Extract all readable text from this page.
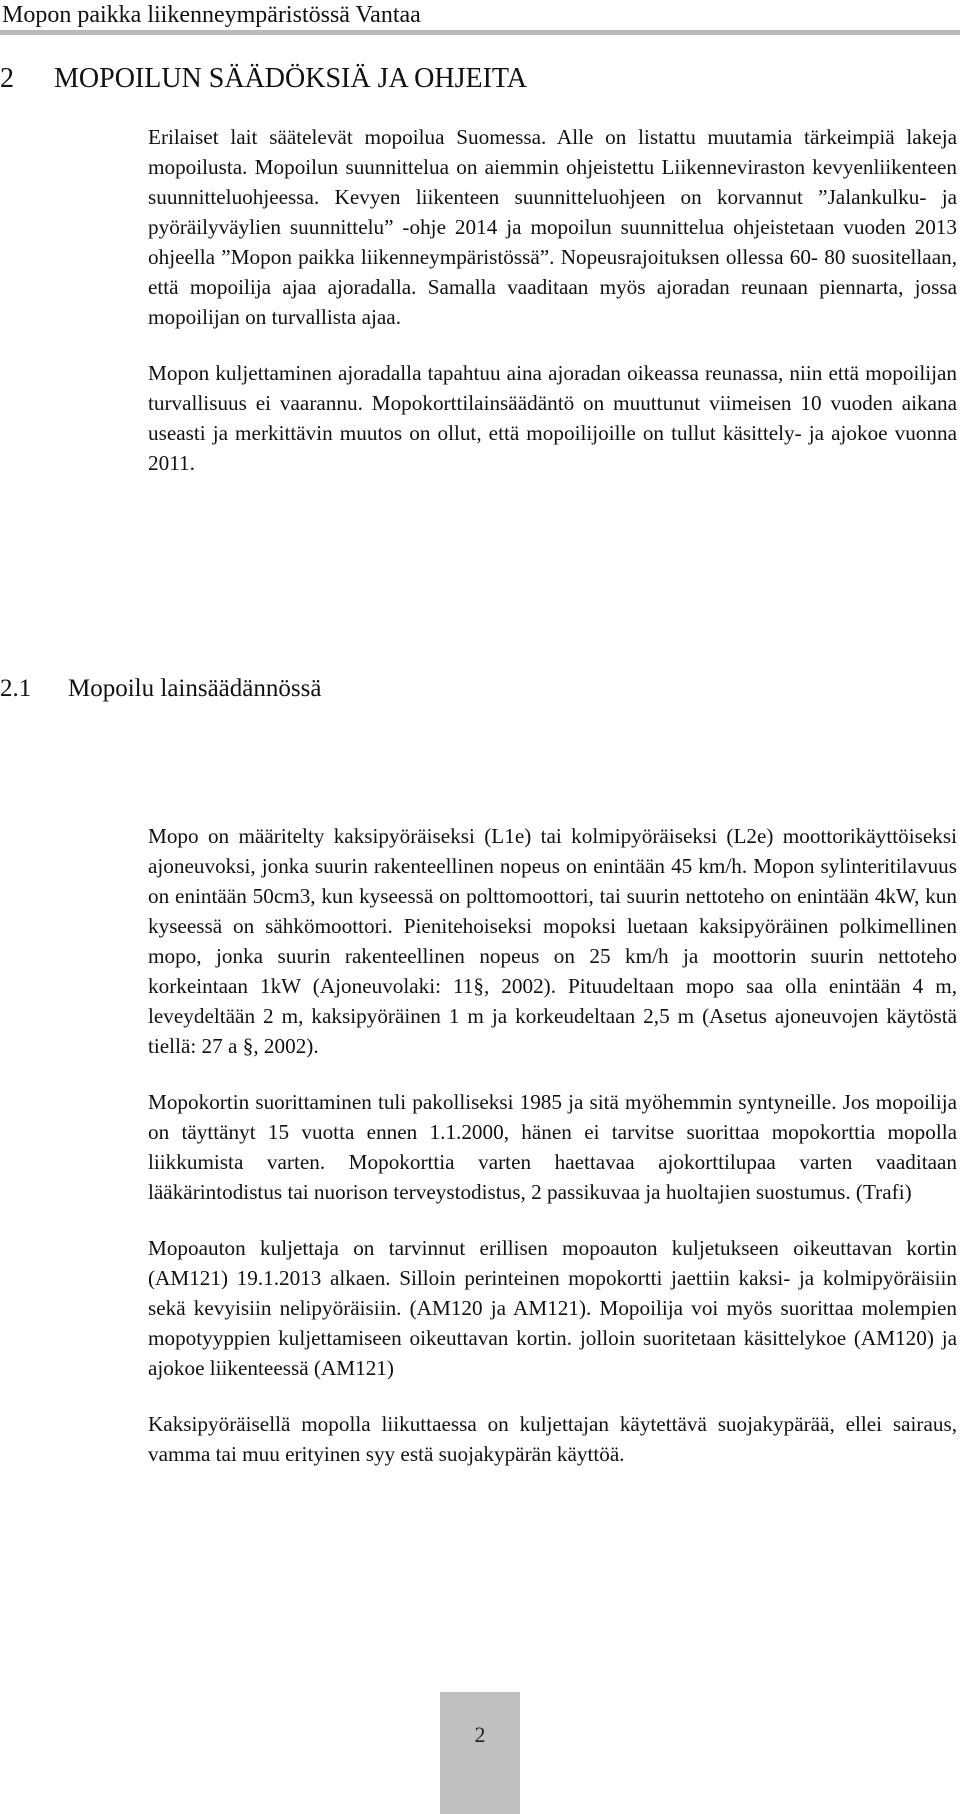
Mopon paikka liikenneympäristössä Vantaa
2 MOPOILUN SÄÄDÖKSIÄ JA OHJEITA

Erilaiset lait säätelevät mopoilua Suomessa. Alle on listattu muutamia tärkeimpiä lakeja mopoilusta. Mopoilun suunnittelua on aiemmin ohjeistettu Liikenneviraston kevyenliikenteen suunnitteluohjeessa. Kevyen liikenteen suunnitteluohjeen on korvannut ”Jalankulku- ja pyöräilyväylien suunnittelu” -ohje 2014 ja mopoilun suunnittelua ohjeistetaan vuoden 2013 ohjeella ”Mopon paikka liikenneympäristössä”. Nopeusrajoituksen ollessa 60- 80 suositellaan, että mopoilija ajaa ajoradalla. Samalla vaaditaan myös ajoradan reunaan piennarta, jossa mopoilijan on turvallista ajaa.

Mopon kuljettaminen ajoradalla tapahtuu aina ajoradan oikeassa reunassa, niin että mopoilijan turvallisuus ei vaarannu. Mopokorttilainsäädäntö on muuttunut viimeisen 10 vuoden aikana useasti ja merkittävin muutos on ollut, että mopoilijoille on tullut käsittely- ja ajokoe vuonna 2011.

2.1 Mopoilu lainsäädännössä

Mopo on määritelty kaksipyöräiseksi (L1e) tai kolmipyöräiseksi (L2e) moottorikäyttöiseksi ajoneuvoksi, jonka suurin rakenteellinen nopeus on enintään 45 km/h. Mopon sylinteritilavuus on enintään 50cm3, kun kyseessä on polttomoottori, tai suurin nettoteho on enintään 4kW, kun kyseessä on sähkömoottori. Pienitehoiseksi mopoksi luetaan kaksipyöräinen polkimellinen mopo, jonka suurin rakenteellinen nopeus on 25 km/h ja moottorin suurin nettoteho korkeintaan 1kW (Ajoneuvolaki: 11§, 2002). Pituudeltaan mopo saa olla enintään 4 m, leveydeltään 2 m, kaksipyöräinen 1 m ja korkeudeltaan 2,5 m (Asetus ajoneuvojen käytöstä tiellä: 27 a §, 2002).

Mopokortin suorittaminen tuli pakolliseksi 1985 ja sitä myöhemmin syntyneille. Jos mopoilija on täyttänyt 15 vuotta ennen 1.1.2000, hänen ei tarvitse suorittaa mopokorttia mopolla liikkumista varten. Mopokorttia varten haettavaa ajokorttilupaa varten vaaditaan lääkärintodistus tai nuorison terveystodistus, 2 passikuvaa ja huoltajien suostumus. (Trafi)

Mopoauton kuljettaja on tarvinnut erillisen mopoauton kuljetukseen oikeuttavan kortin (AM121) 19.1.2013 alkaen. Silloin perinteinen mopokortti jaettiin kaksi- ja kolmipyöräisiin sekä kevyisiin nelipyöräisiin. (AM120 ja AM121). Mopoilija voi myös suorittaa molempien mopotyyppien kuljettamiseen oikeuttavan kortin. jolloin suoritetaan käsittelykoe (AM120) ja ajokoe liikenteessä (AM121)

Kaksipyöräisellä mopolla liikuttaessa on kuljettajan käytettävä suojakypärää, ellei sairaus, vamma tai muu erityinen syy estä suojakypärän käyttöä.

2
